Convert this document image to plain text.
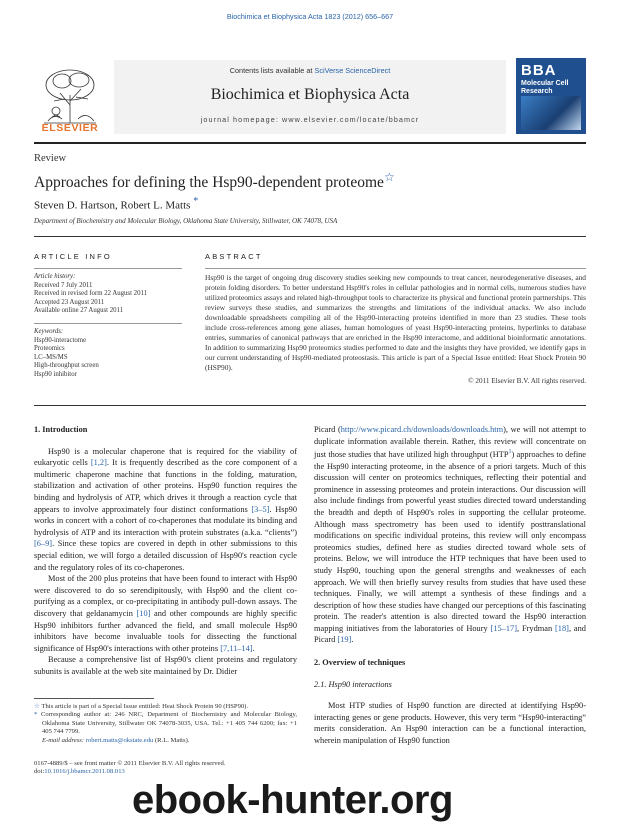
Biochimica et Biophysica Acta 1823 (2012) 656–667
ELSEVIER
Contents lists available at SciVerse ScienceDirect
Biochimica et Biophysica Acta
journal homepage: www.elsevier.com/locate/bbamcr
BBA
Molecular Cell Research
Review
Approaches for defining the Hsp90-dependent proteome☆
Steven D. Hartson, Robert L. Matts *
Department of Biochemistry and Molecular Biology, Oklahoma State University, Stillwater, OK 74078, USA
ARTICLE INFO
Article history:
Received 7 July 2011
Received in revised form 22 August 2011
Accepted 23 August 2011
Available online 27 August 2011
Keywords:
Hsp90-interactome
Proteomics
LC–MS/MS
High-throughput screen
Hsp90 inhibitor
ABSTRACT
Hsp90 is the target of ongoing drug discovery studies seeking new compounds to treat cancer, neurodegenerative diseases, and protein folding disorders. To better understand Hsp90's roles in cellular pathologies and in normal cells, numerous studies have utilized proteomics assays and related high-throughput tools to characterize its physical and functional protein partnerships. This review surveys these studies, and summarizes the strengths and limitations of the individual attacks. We also include downloadable spreadsheets compiling all of the Hsp90-interacting proteins identified in more than 23 studies. These tools include cross-references among gene aliases, human homologues of yeast Hsp90-interacting proteins, hyperlinks to database entries, summaries of canonical pathways that are enriched in the Hsp90 interactome, and additional bioinformatic annotations. In addition to summarizing Hsp90 proteomics studies performed to date and the insights they have provided, we identify gaps in our current understanding of Hsp90-mediated proteostasis. This article is part of a Special Issue entitled: Heat Shock Protein 90 (HSP90).
© 2011 Elsevier B.V. All rights reserved.
1. Introduction
Hsp90 is a molecular chaperone that is required for the viability of eukaryotic cells [1,2]. It is frequently described as the core component of a multimeric chaperone machine that functions in the folding, maturation, stabilization and activation of other proteins. Hsp90 function requires the binding and hydrolysis of ATP, which drives it through a reaction cycle that appears to involve approximately four distinct conformations [3–5]. Hsp90 works in concert with a cohort of co-chaperones that modulate its binding and hydrolysis of ATP and its interaction with protein substrates (a.k.a. “clients”) [6–9]. Since these topics are covered in depth in other submissions to this special edition, we will forgo a detailed discussion of Hsp90's reaction cycle and the regulatory roles of its co-chaperones.
Most of the 200 plus proteins that have been found to interact with Hsp90 were discovered to do so serendipitously, with Hsp90 and the client co-purifying as a complex, or co-precipitating in antibody pull-down assays. The discovery that geldanamycin [10] and other compounds are highly specific Hsp90 inhibitors further advanced the field, and small molecule Hsp90 inhibitors have become invaluable tools for dissecting the functional significance of Hsp90's interactions with other proteins [7,11–14].
Because a comprehensive list of Hsp90's client proteins and regulatory subunits is available at the web site maintained by Dr. Didier
Picard (http://www.picard.ch/downloads/downloads.htm), we will not attempt to duplicate information available therein. Rather, this review will concentrate on just those studies that have utilized high throughput (HTP$^1$) approaches to define the Hsp90 interacting proteome, in the absence of a priori targets. Much of this discussion will center on proteomics techniques, reflecting their potential and prominence in assessing proteomes and protein interactions. Our discussion will also include findings from powerful yeast studies directed toward understanding the breadth and depth of Hsp90's roles in supporting the cellular proteome. Although mass spectrometry has been used to identify posttranslational modifications on specific individual proteins, this review will only encompass proteomics studies, defined here as studies directed toward whole sets of proteins. Below, we will introduce the HTP techniques that have been used to study Hsp90, touching upon the general strengths and weaknesses of each approach. We will then briefly survey results from studies that have used these techniques. Finally, we will attempt a synthesis of these findings and a description of how these studies have changed our perceptions of this fascinating protein. The reader's attention is also directed toward the Hsp90 interaction mapping initiatives from the laboratories of Houry [15–17], Frydman [18], and Picard [19].
2. Overview of techniques
2.1. Hsp90 interactions
Most HTP studies of Hsp90 function are directed at identifying Hsp90-interacting genes or gene products. However, this very term “Hsp90-interacting” merits consideration. An Hsp90 interaction can be a functional interaction, wherein manipulation of Hsp90 function
☆ This article is part of a Special Issue entitled: Heat Shock Protein 90 (HSP90).
* Corresponding author at: 246 NRC, Department of Biochemistry and Molecular Biology, Oklahoma State University, Stillwater OK 74078-3035, USA. Tel.: +1 405 744 6200; fax: +1 405 744 7799.
E-mail address: robert.matts@okstate.edu (R.L. Matts).
0167-4889/$ – see front matter © 2011 Elsevier B.V. All rights reserved.
doi:10.1016/j.bbamcr.2011.08.013
ebook-hunter.org
